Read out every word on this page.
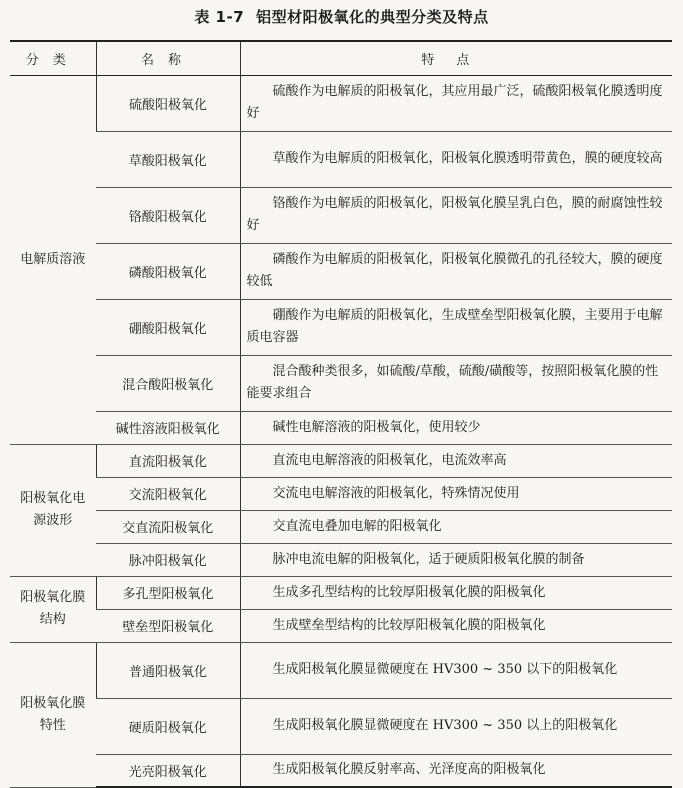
表 1-7 铝型材阳极氧化的典型分类及特点
分类	名称	特点
电解质溶液	硫酸阳极氧化	硫酸作为电解质的阳极氧化，其应用最广泛，硫酸阳极氧化膜透明度好
	草酸阳极氧化	草酸作为电解质的阳极氧化，阳极氧化膜透明带黄色，膜的硬度较高
	铬酸阳极氧化	铬酸作为电解质的阳极氧化，阳极氧化膜呈乳白色，膜的耐腐蚀性较好
	磷酸阳极氧化	磷酸作为电解质的阳极氧化，阳极氧化膜微孔的孔径较大，膜的硬度较低
	硼酸阳极氧化	硼酸作为电解质的阳极氧化，生成壁垒型阳极氧化膜，主要用于电解质电容器
	混合酸阳极氧化	混合酸种类很多，如硫酸/草酸，硫酸/磺酸等，按照阳极氧化膜的性能要求组合
	碱性溶液阳极氧化	碱性电解溶液的阳极氧化，使用较少
阳极氧化电源波形	直流阳极氧化	直流电电解溶液的阳极氧化，电流效率高
	交流阳极氧化	交流电电解溶液的阳极氧化，特殊情况使用
	交直流阳极氧化	交直流电叠加电解的阳极氧化
	脉冲阳极氧化	脉冲电流电解的阳极氧化，适于硬质阳极氧化膜的制备
阳极氧化膜结构	多孔型阳极氧化	生成多孔型结构的比较厚阳极氧化膜的阳极氧化
	壁垒型阳极氧化	生成壁垒型结构的比较厚阳极氧化膜的阳极氧化
阳极氧化膜特性	普通阳极氧化	生成阳极氧化膜显微硬度在 HV300 ~ 350 以下的阳极氧化
	硬质阳极氧化	生成阳极氧化膜显微硬度在 HV300 ~ 350 以上的阳极氧化
	光亮阳极氧化	生成阳极氧化膜反射率高、光泽度高的阳极氧化
